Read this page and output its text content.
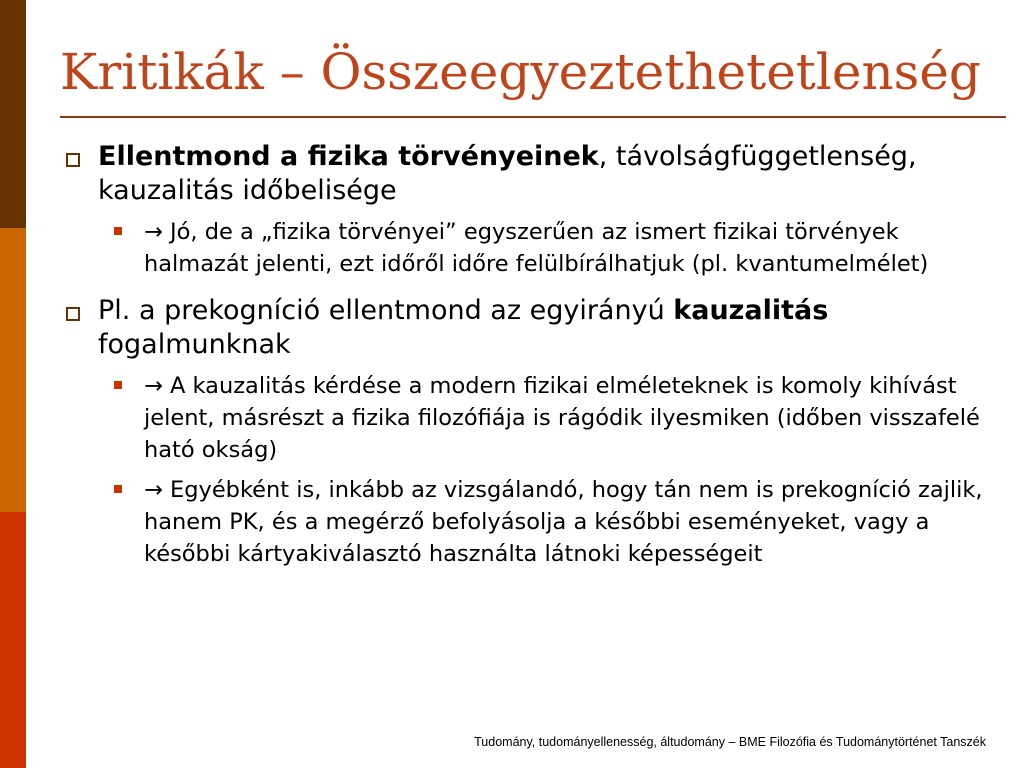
Kritikák – Összeegyeztethetetlenség
Ellentmond a fizika törvényeinek, távolságfüggetlenség, kauzalitás időbelisége
→ Jó, de a „fizika törvényei” egyszerűen az ismert fizikai törvények halmazát jelenti, ezt időről időre felülbírálhatjuk (pl. kvantumelmélet)
Pl. a prekogníció ellentmond az egyirányú kauzalitás fogalmunknak
→ A kauzalitás kérdése a modern fizikai elméleteknek is komoly kihívást jelent, másrészt a fizika filozófiája is rágódik ilyesmiken (időben visszafelé ható okság)
→ Egyébként is, inkább az vizsgálandó, hogy tán nem is prekogníció zajlik, hanem PK, és a megérző befolyásolja a későbbi eseményeket, vagy a későbbi kártyakiválasztó használta látnoki képességeit
Tudomány, tudományellenesség, áltudomány – BME Filozófia és Tudománytörténet Tanszék
